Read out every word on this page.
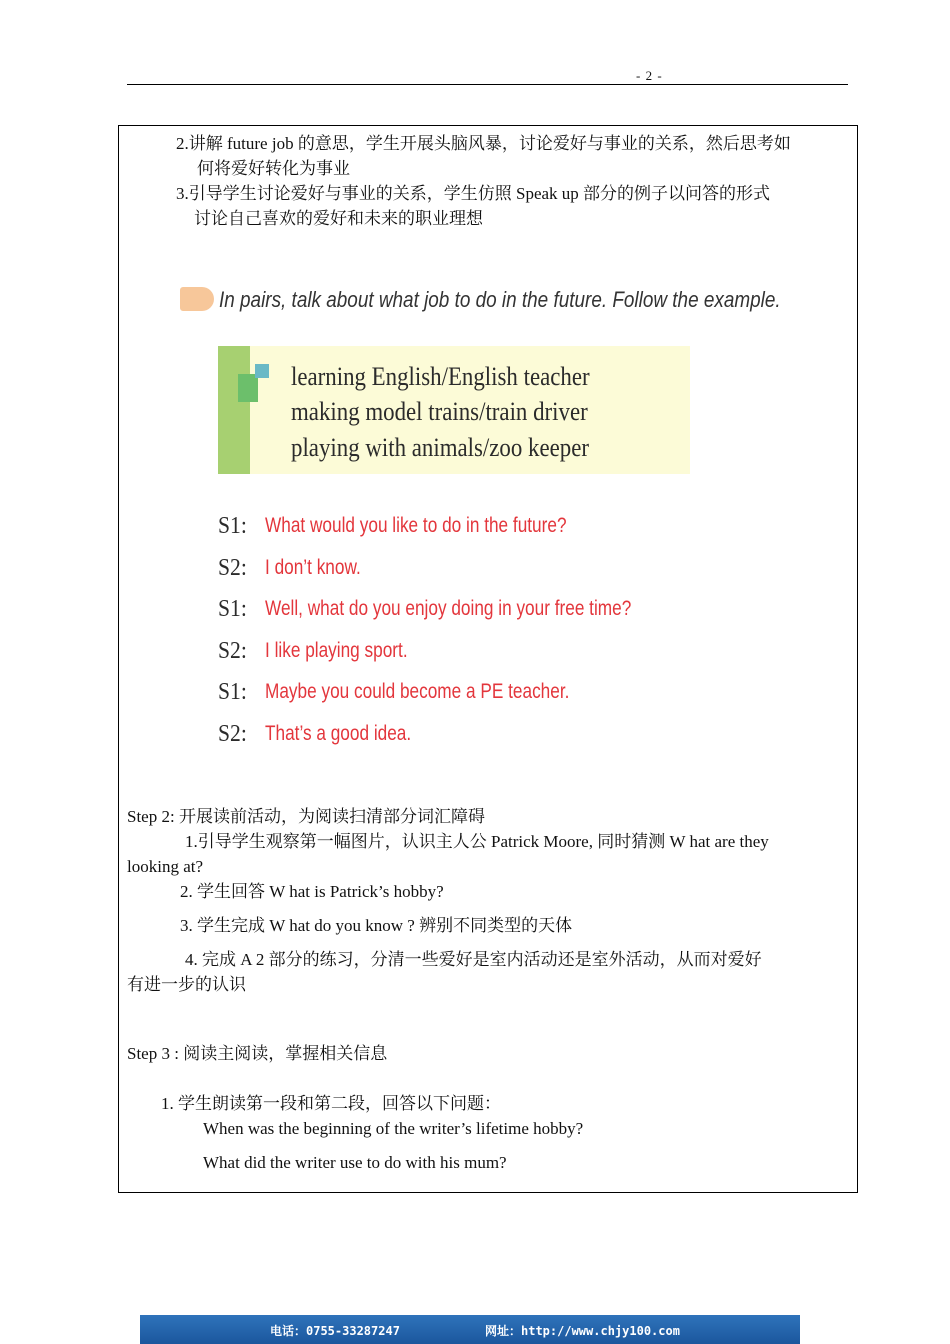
- 2 -
2.讲解 future job 的意思，学生开展头脑风暴，讨论爱好与事业的关系，然后思考如
何将爱好转化为事业
3.引导学生讨论爱好与事业的关系，学生仿照 Speak up 部分的例子以问答的形式
讨论自己喜欢的爱好和未来的职业理想
In pairs, talk about what job to do in the future. Follow the example.
learning English/English teacher
making model trains/train driver
playing with animals/zoo keeper
S1: What would you like to do in the future?
S2: I don’t know.
S1: Well, what do you enjoy doing in your free time?
S2: I like playing sport.
S1: Maybe you could become a PE teacher.
S2: That’s a good idea.
Step 2: 开展读前活动，为阅读扫清部分词汇障碍
1.引导学生观察第一幅图片，认识主人公 Patrick Moore, 同时猜测 W hat are they
looking at?
2. 学生回答 W hat is Patrick’s hobby?
3. 学生完成 W hat do you know ? 辨别不同类型的天体
4. 完成 A 2 部分的练习，分清一些爱好是室内活动还是室外活动，从而对爱好
有进一步的认识
Step 3 : 阅读主阅读，掌握相关信息
1. 学生朗读第一段和第二段，回答以下问题：
When was the beginning of the writer’s lifetime hobby?
What did the writer use to do with his mum?
电话：0755-33287247	网址：http://www.chjy100.com
